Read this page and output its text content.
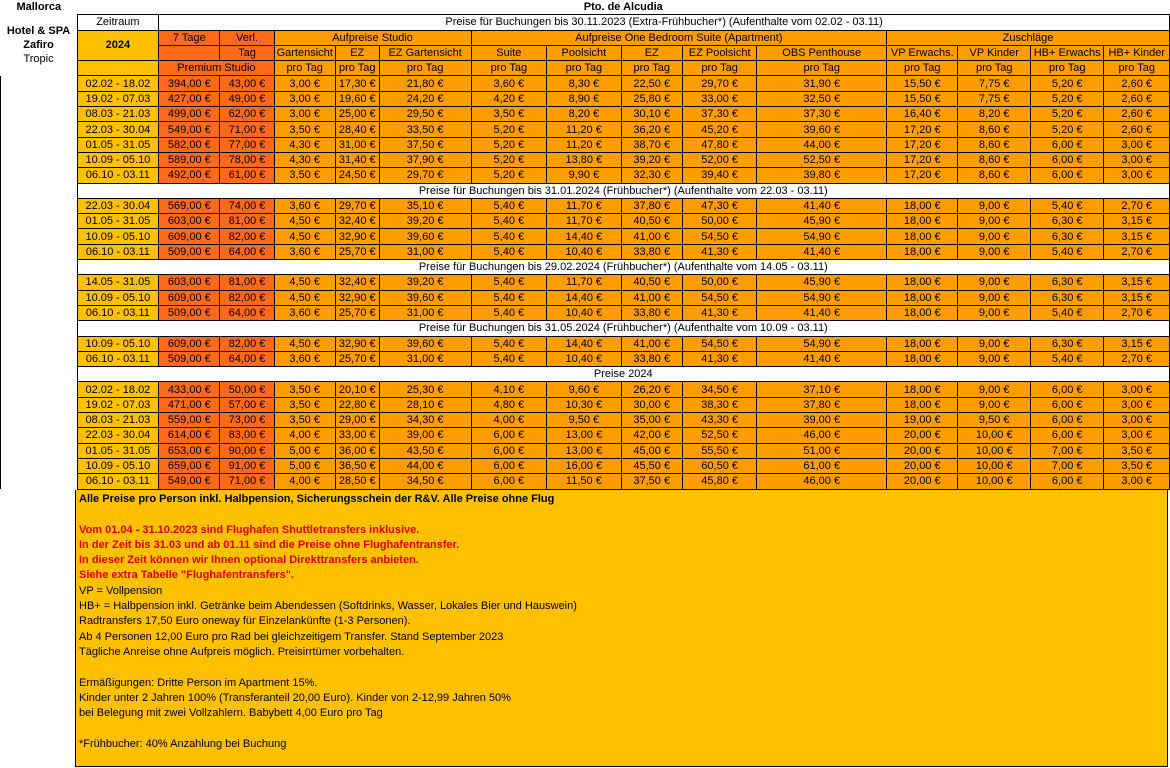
Mallorca	Pto. de Alcudia														

Hotel & SPA
Zafiro
Tropic	Zeitraum	Preise für Buchungen bis 30.11.2023 (Extra-Frühbucher*) (Aufenthalte vom 02.02 - 03.11)													
	2024	7 Tage	Verl.	Aufpreise Studio			Aufpreise One Bedroom Suite (Apartment)					Zuschläge			
			Tag	Gartensicht	EZ	EZ Gartensicht	Suite	Poolsicht	EZ	EZ Poolsicht	OBS Penthouse	VP Erwachs.	VP Kinder	HB+ Erwachs	HB+ Kinder
		Premium Studio		pro Tag	pro Tag	pro Tag	pro Tag	pro Tag	pro Tag	pro Tag	pro Tag	pro Tag	pro Tag	pro Tag	pro Tag
	02.02 - 18.02	394,00 €	43,00 €	3,00 €	17,30 €	21,80 €	3,60 €	8,30 €	22,50 €	29,70 €	31,90 €	15,50 €	7,75 €	5,20 €	2,60 €
	19.02 - 07.03	427,00 €	49,00 €	3,00 €	19,60 €	24,20 €	4,20 €	8,90 €	25,80 €	33,00 €	32,50 €	15,50 €	7,75 €	5,20 €	2,60 €
	08.03 - 21.03	499,00 €	62,00 €	3,00 €	25,00 €	29,50 €	3,50 €	8,20 €	30,10 €	37,30 €	37,30 €	16,40 €	8,20 €	5,20 €	2,60 €
	22.03 - 30.04	549,00 €	71,00 €	3,50 €	28,40 €	33,50 €	5,20 €	11,20 €	36,20 €	45,20 €	39,60 €	17,20 €	8,60 €	5,20 €	2,60 €
	01.05 - 31.05	582,00 €	77,00 €	4,30 €	31,00 €	37,50 €	5,20 €	11,20 €	38,70 €	47,80 €	44,00 €	17,20 €	8,60 €	6,00 €	3,00 €
	10.09 - 05.10	589,00 €	78,00 €	4,30 €	31,40 €	37,90 €	5,20 €	13,80 €	39,20 €	52,00 €	52,50 €	17,20 €	8,60 €	6,00 €	3,00 €
	06.10 - 03.11	492,00 €	61,00 €	3,50 €	24,50 €	29,70 €	5,20 €	9,90 €	32,30 €	39,40 €	39,80 €	17,20 €	8,60 €	6,00 €	3,00 €
	Preise für Buchungen bis 31.01.2024 (Frühbucher*) (Aufenthalte vom 22.03 - 03.11)														
	22.03 - 30.04	569,00 €	74,00 €	3,60 €	29,70 €	35,10 €	5,40 €	11,70 €	37,80 €	47,30 €	41,40 €	18,00 €	9,00 €	5,40 €	2,70 €
	01.05 - 31.05	603,00 €	81,00 €	4,50 €	32,40 €	39,20 €	5,40 €	11,70 €	40,50 €	50,00 €	45,90 €	18,00 €	9,00 €	6,30 €	3,15 €
	10.09 - 05.10	609,00 €	82,00 €	4,50 €	32,90 €	39,60 €	5,40 €	14,40 €	41,00 €	54,50 €	54,90 €	18,00 €	9,00 €	6,30 €	3,15 €
	06.10 - 03.11	509,00 €	64,00 €	3,60 €	25,70 €	31,00 €	5,40 €	10,40 €	33,80 €	41,30 €	41,40 €	18,00 €	9,00 €	5,40 €	2,70 €
	Preise für Buchungen bis 29.02.2024 (Frühbucher*) (Aufenthalte vom 14.05 - 03.11)														
	14.05 - 31.05	603,00 €	81,00 €	4,50 €	32,40 €	39,20 €	5,40 €	11,70 €	40,50 €	50,00 €	45,90 €	18,00 €	9,00 €	6,30 €	3,15 €
	10.09 - 05.10	609,00 €	82,00 €	4,50 €	32,90 €	39,60 €	5,40 €	14,40 €	41,00 €	54,50 €	54,90 €	18,00 €	9,00 €	6,30 €	3,15 €
	06.10 - 03.11	509,00 €	64,00 €	3,60 €	25,70 €	31,00 €	5,40 €	10,40 €	33,80 €	41,30 €	41,40 €	18,00 €	9,00 €	5,40 €	2,70 €
	Preise für Buchungen bis 31.05.2024 (Frühbucher*) (Aufenthalte vom 10.09 - 03.11)														
	10.09 - 05.10	609,00 €	82,00 €	4,50 €	32,90 €	39,60 €	5,40 €	14,40 €	41,00 €	54,50 €	54,90 €	18,00 €	9,00 €	6,30 €	3,15 €
	06.10 - 03.11	509,00 €	64,00 €	3,60 €	25,70 €	31,00 €	5,40 €	10,40 €	33,80 €	41,30 €	41,40 €	18,00 €	9,00 €	5,40 €	2,70 €
	Preise 2024														
	02.02 - 18.02	433,00 €	50,00 €	3,50 €	20,10 €	25,30 €	4,10 €	9,60 €	26,20 €	34,50 €	37,10 €	18,00 €	9,00 €	6,00 €	3,00 €
	19.02 - 07.03	471,00 €	57,00 €	3,50 €	22,80 €	28,10 €	4,80 €	10,30 €	30,00 €	38,30 €	37,80 €	18,00 €	9,00 €	6,00 €	3,00 €
	08.03 - 21.03	559,00 €	73,00 €	3,50 €	29,00 €	34,30 €	4,00 €	9,50 €	35,00 €	43,30 €	39,00 €	19,00 €	9,50 €	6,00 €	3,00 €
	22.03 - 30.04	614,00 €	83,00 €	4,00 €	33,00 €	39,00 €	6,00 €	13,00 €	42,00 €	52,50 €	46,00 €	20,00 €	10,00 €	6,00 €	3,00 €
	01.05 - 31.05	653,00 €	90,00 €	5,00 €	36,00 €	43,50 €	6,00 €	13,00 €	45,00 €	55,50 €	51,00 €	20,00 €	10,00 €	7,00 €	3,50 €
	10.09 - 05.10	659,00 €	91,00 €	5,00 €	36,50 €	44,00 €	6,00 €	16,00 €	45,50 €	60,50 €	61,00 €	20,00 €	10,00 €	7,00 €	3,50 €
	06.10 - 03.11	549,00 €	71,00 €	4,00 €	28,50 €	34,50 €	6,00 €	11,50 €	37,50 €	45,80 €	46,00 €	20,00 €	10,00 €	6,00 €	3,00 €
Alle Preise pro Person inkl. Halbpension, Sicherungsschein der R&V. Alle Preise ohne Flug
Vom 01.04 - 31.10.2023 sind Flughafen Shuttletransfers inklusive.
In der Zeit bis 31.03 und ab 01.11 sind die Preise ohne Flughafentransfer.
In dieser Zeit können wir Ihnen optional Direkttransfers anbieten.
Siehe extra Tabelle "Flughafentransfers".
VP = Vollpension
HB+ = Halbpension inkl. Getränke beim Abendessen (Softdrinks, Wasser, Lokales Bier und Hauswein)
Radtransfers 17,50 Euro oneway für Einzelankünfte (1-3 Personen).
Ab 4 Personen 12,00 Euro pro Rad bei gleichzeitigem Transfer. Stand September 2023
Tägliche Anreise ohne Aufpreis möglich. Preisirrtümer vorbehalten.
Ermäßigungen: Dritte Person im Apartment 15%.
Kinder unter 2 Jahren 100% (Transferanteil 20,00 Euro). Kinder von 2-12,99 Jahren 50%
bei Belegung mit zwei Vollzahlern. Babybett 4,00 Euro pro Tag
*Frühbucher: 40% Anzahlung bei Buchung
